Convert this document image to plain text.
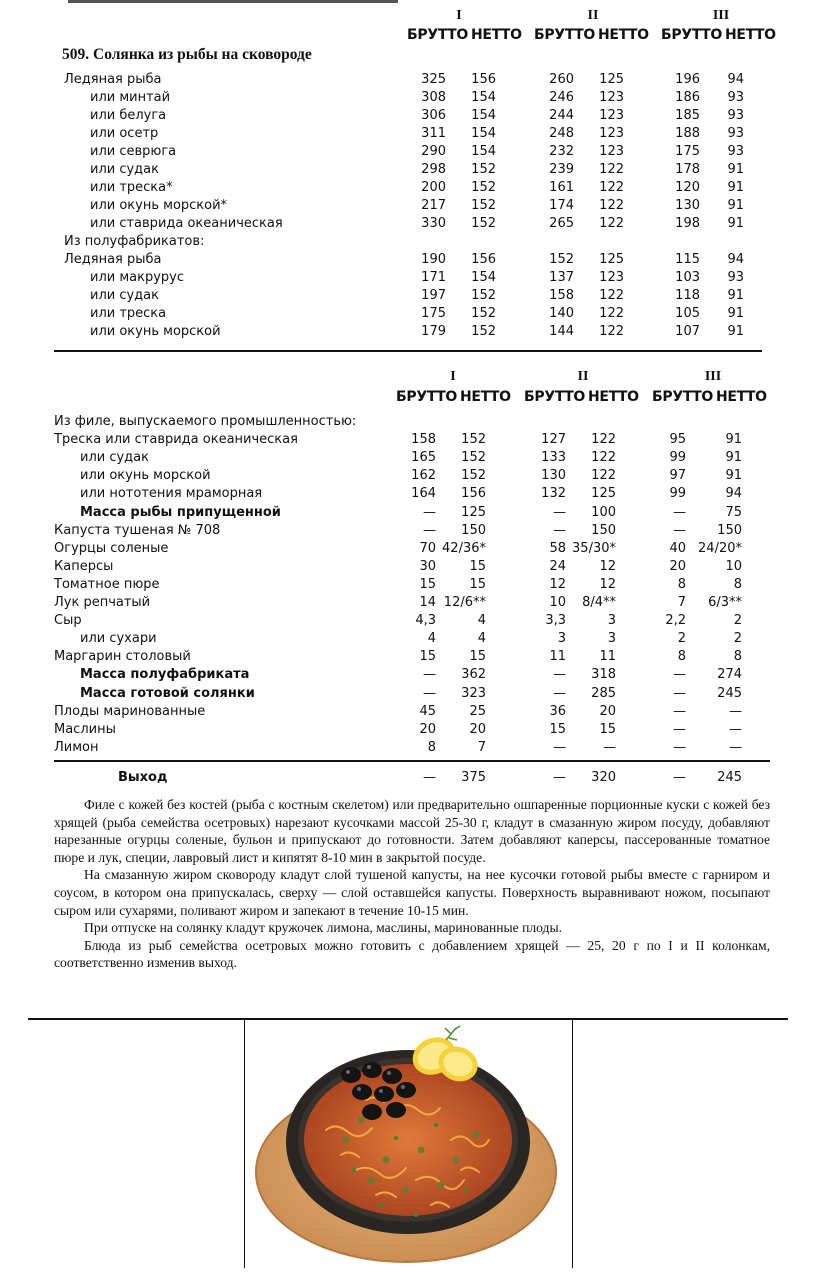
I	II	III
БРУТТО НЕТТО БРУТТО НЕТТО БРУТТО НЕТТО
509. Солянка из рыбы на сковороде
Ледяная рыба	325	156	260	125	196	94
или минтай	308	154	246	123	186	93
или белуга	306	154	244	123	185	93
или осетр	311	154	248	123	188	93
или севрюга	290	154	232	123	175	93
или судак	298	152	239	122	178	91
или треска*	200	152	161	122	120	91
или окунь морской*	217	152	174	122	130	91
или ставрида океаническая	330	152	265	122	198	91
Из полуфабрикатов:
Ледяная рыба	190	156	152	125	115	94
или макрурус	171	154	137	123	103	93
или судак	197	152	158	122	118	91
или треска	175	152	140	122	105	91
или окунь морской	179	152	144	122	107	91
I	II	III
БРУТТО НЕТТО БРУТТО НЕТТО БРУТТО НЕТТО
Из филе, выпускаемого промышленностью:
Треска или ставрида океаническая	158	152	127	122	95	91
или судак	165	152	133	122	99	91
или окунь морской	162	152	130	122	97	91
или нототения мраморная	164	156	132	125	99	94
Масса рыбы припущенной	—	125	—	100	—	75
Капуста тушеная № 708	—	150	—	150	—	150
Огурцы соленые	70 42/36*	58 35/30*	40 24/20*
Каперсы	30	15	24	12	20	10
Томатное пюре	15	15	12	12	8	8
Лук репчатый	14 12/6**	10	8/4**	7	6/3**
Сыр	4,3	4	3,3	3	2,2	2
или сухари	4	4	3	3	2	2
Маргарин столовый	15	15	11	11	8	8
Масса полуфабриката	—	362	—	318	—	274
Масса готовой солянки	—	323	—	285	—	245
Плоды маринованные	45	25	36	20	—	—
Маслины	20	20	15	15	—	—
Лимон	8	7	—	—	—	—
Выход	—	375	—	320	—	245

Филе с кожей без костей (рыба с костным скелетом) или предварительно ошпаренные порционные куски с кожей без хрящей (рыба семейства осетровых) нарезают кусочками массой 25-30 г, кладут в смазанную жиром посуду, добавляют нарезанные огурцы соленые, бульон и припускают до готовности. Затем добавляют каперсы, пассерованные томатное пюре и лук, специи, лавровый лист и кипятят 8-10 мин в закрытой посуде.

На смазанную жиром сковороду кладут слой тушеной капусты, на нее кусочки готовой рыбы вместе с гарниром и соусом, в котором она припускалась, сверху — слой оставшейся капусты. Поверхность выравнивают ножом, посыпают сыром или сухарями, поливают жиром и запекают в течение 10-15 мин.

При отпуске на солянку кладут кружочек лимона, маслины, маринованные плоды.

Блюда из рыб семейства осетровых можно готовить с добавлением хрящей — 25, 20 г по I и II колонкам, соответственно изменив выход.
